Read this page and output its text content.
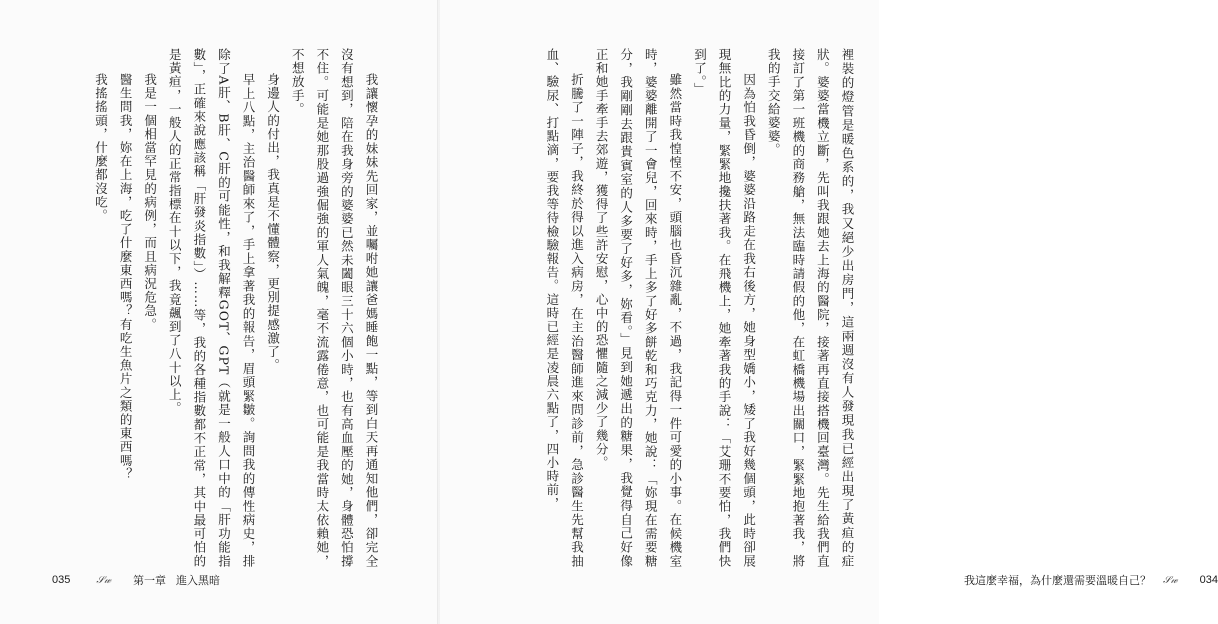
我讓懷孕的妹妹先回家，並囑咐她讓爸媽睡飽一點，等到白天再通知他們，卻完全沒有想到，陪在我身旁的婆婆已然未闔眼三十六個小時，也有高血壓的她，身體恐怕撐不住。可能是她那股過強倔強的軍人氣魄，毫不流露倦意，也可能是我當時太依賴她，不想放手。

身邊人的付出，我真是不懂體察，更別提感激了。

早上八點，主治醫師來了，手上拿著我的報告，眉頭緊皺。詢問我的傳性病史，排除了A肝、B肝、C肝的可能性，和我解釋GOT、GPT（就是一般人口中的「肝功能指數」，正確來說應該稱「肝發炎指數」）……等，我的各種指數都不正常，其中最可怕的是黃疸，一般人的正常指標在十以下，我竟飆到了八十以上。

我是一個相當罕見的病例，而且病況危急。

醫生問我，妳在上海，吃了什麼東西嗎？有吃生魚片之類的東西嗎？

我搖搖頭，什麼都沒吃。

035	𝒮𝓌 第一章 進入黑暗

裡裝的燈管是暖色系的，我又絕少出房門，這兩週沒有人發現我已經出現了黃疸的症狀。婆婆當機立斷，先叫我跟她去上海的醫院，接著再直接搭機回臺灣。先生給我們直接訂了第一班機的商務艙，無法臨時請假的他，在虹橋機場出關口，緊緊地抱著我，將我的手交給婆婆。

因為怕我昏倒，婆婆沿路走在我右後方，她身型嬌小，矮了我好幾個頭，此時卻展現無比的力量，緊緊地攙扶著我。在飛機上，她牽著我的手說：「艾珊不要怕，我們快到了。」

雖然當時我惶惶不安，頭腦也昏沉雜亂，不過，我記得一件可愛的小事。在候機室時，婆婆離開了一會兒，回來時，手上多了好多餅乾和巧克力，她說：「妳現在需要糖分，我剛剛去跟貴賓室的人多要了好多，妳看。」見到她遞出的糖果，我覺得自己好像正和她手牽手去郊遊，獲得了些許安慰，心中的恐懼隨之減少了幾分。

折騰了一陣子，我終於得以進入病房，在主治醫師進來問診前，急診醫生先幫我抽血、驗尿、打點滴，要我等待檢驗報告。這時已經是凌晨六點了，四小時前，

我這麼幸福，為什麼還需要溫暖自己？ 𝒮𝓌 034
